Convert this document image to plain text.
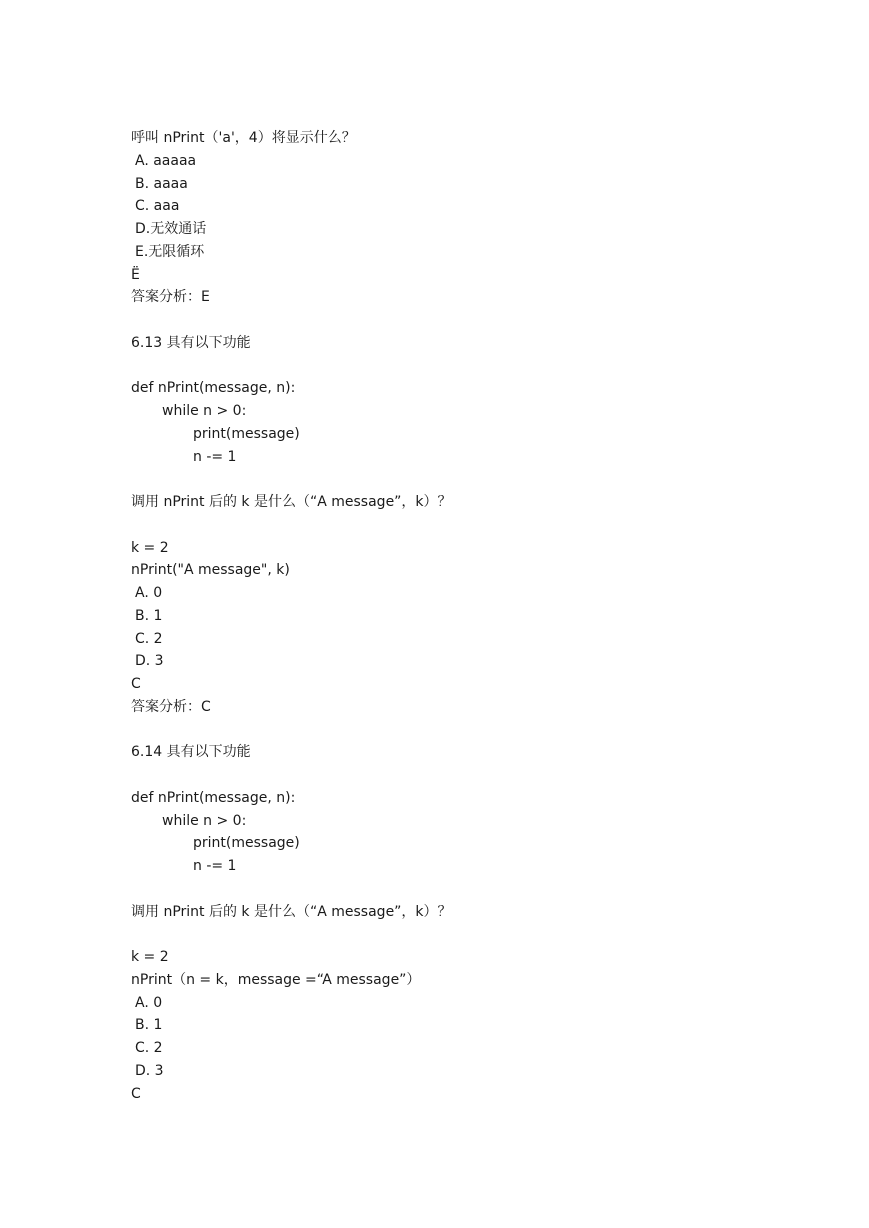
呼叫 nPrint（'a'，4）将显示什么？
A. aaaaa
B. aaaa
C. aaa
D.无效通话
E.无限循环
Ë
答案分析：E
6.13 具有以下功能
def nPrint(message, n):
while n > 0:
print(message)
n -= 1
调用 nPrint 后的 k 是什么（“A message”，k）？
k = 2
nPrint("A message", k)
A. 0
B. 1
C. 2
D. 3
C
答案分析：C
6.14 具有以下功能
def nPrint(message, n):
while n > 0:
print(message)
n -= 1
调用 nPrint 后的 k 是什么（“A message”，k）？
k = 2
nPrint（n = k，message =“A message”）
A. 0
B. 1
C. 2
D. 3
C
